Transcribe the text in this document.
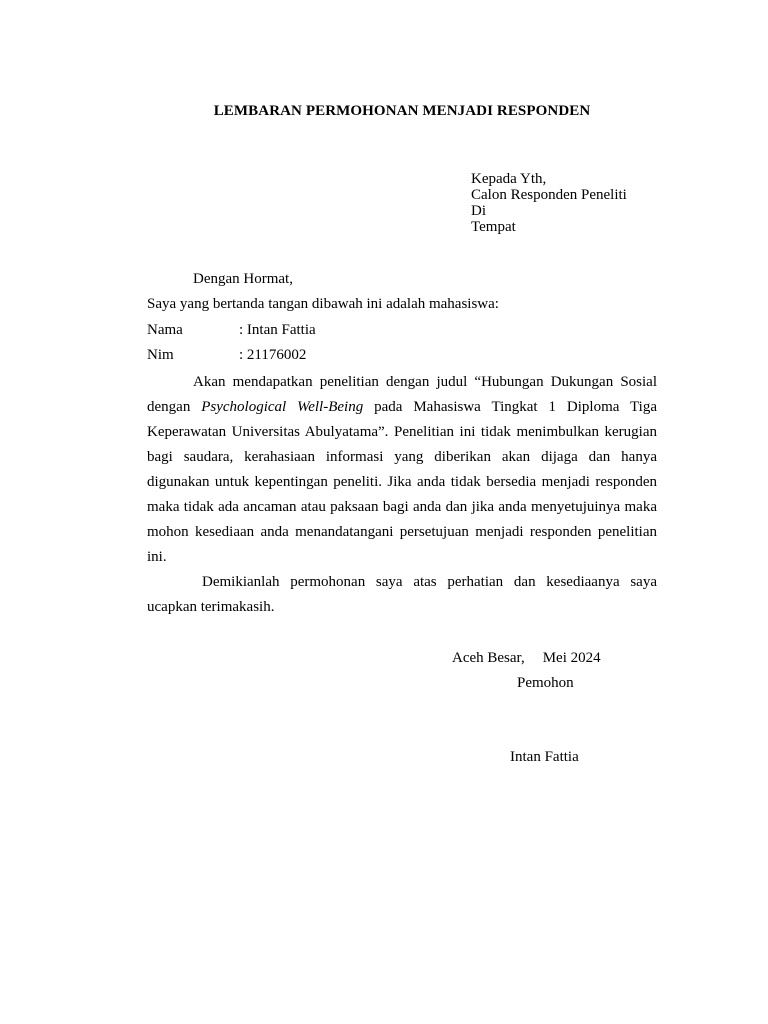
LEMBARAN PERMOHONAN MENJADI RESPONDEN
Kepada Yth,
Calon Responden Peneliti
Di
Tempat
Dengan Hormat,
Saya yang bertanda tangan dibawah ini adalah mahasiswa:
Nama	: Intan Fattia
Nim	: 21176002
Akan mendapatkan penelitian dengan judul “Hubungan Dukungan Sosial dengan Psychological Well-Being pada Mahasiswa Tingkat 1 Diploma Tiga Keperawatan Universitas Abulyatama”. Penelitian ini tidak menimbulkan kerugian bagi saudara, kerahasiaan informasi yang diberikan akan dijaga dan hanya digunakan untuk kepentingan peneliti. Jika anda tidak bersedia menjadi responden maka tidak ada ancaman atau paksaan bagi anda dan jika anda menyetujuinya maka mohon kesediaan anda menandatangani persetujuan menjadi responden penelitian ini.
Demikianlah permohonan saya atas perhatian dan kesediaanya saya ucapkan terimakasih.
Aceh Besar, Mei 2024
Pemohon
Intan Fattia
